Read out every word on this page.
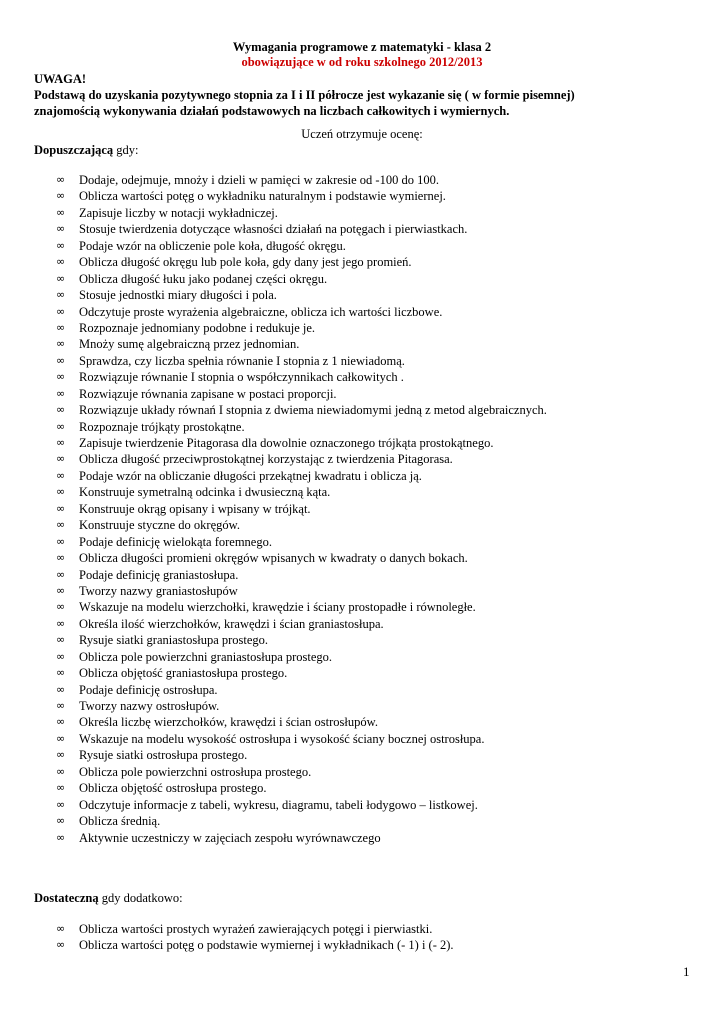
Wymagania programowe z matematyki - klasa 2
obowiązujące w od roku szkolnego 2012/2013
UWAGA!
Podstawą do uzyskania pozytywnego stopnia za I i II półrocze jest wykazanie się ( w formie pisemnej)
znajomością wykonywania działań podstawowych na liczbach całkowitych i wymiernych.
Uczeń otrzymuje ocenę:
Dopuszczającą gdy:
∞ Dodaje, odejmuje, mnoży i dzieli w pamięci w zakresie od -100 do 100.
∞ Oblicza wartości potęg o wykładniku naturalnym i podstawie wymiernej.
∞ Zapisuje liczby w notacji wykładniczej.
∞ Stosuje twierdzenia dotyczące własności działań na potęgach i pierwiastkach.
∞ Podaje wzór na obliczenie pole koła, długość okręgu.
∞ Oblicza długość okręgu lub pole koła, gdy dany jest jego promień.
∞ Oblicza długość łuku jako podanej części okręgu.
∞ Stosuje jednostki miary długości i pola.
∞ Odczytuje proste wyrażenia algebraiczne, oblicza ich wartości liczbowe.
∞ Rozpoznaje jednomiany podobne i redukuje je.
∞ Mnoży sumę algebraiczną przez jednomian.
∞ Sprawdza, czy liczba spełnia równanie I stopnia z 1 niewiadomą.
∞ Rozwiązuje równanie I stopnia o współczynnikach całkowitych .
∞ Rozwiązuje równania zapisane w postaci proporcji.
∞ Rozwiązuje układy równań I stopnia z dwiema niewiadomymi jedną z metod algebraicznych.
∞ Rozpoznaje trójkąty prostokątne.
∞ Zapisuje twierdzenie Pitagorasa dla dowolnie oznaczonego trójkąta prostokątnego.
∞ Oblicza długość przeciwprostokątnej korzystając z twierdzenia Pitagorasa.
∞ Podaje wzór na obliczanie długości przekątnej kwadratu i oblicza ją.
∞ Konstruuje symetralną odcinka i dwusieczną kąta.
∞ Konstruuje okrąg opisany i wpisany w trójkąt.
∞ Konstruuje styczne do okręgów.
∞ Podaje definicję wielokąta foremnego.
∞ Oblicza długości promieni okręgów wpisanych w kwadraty o danych bokach.
∞ Podaje definicję graniastosłupa.
∞ Tworzy nazwy graniastosłupów
∞ Wskazuje na modelu wierzchołki, krawędzie i ściany prostopadłe i równoległe.
∞ Określa ilość wierzchołków, krawędzi i ścian graniastosłupa.
∞ Rysuje siatki graniastosłupa prostego.
∞ Oblicza pole powierzchni graniastosłupa prostego.
∞ Oblicza objętość graniastosłupa prostego.
∞ Podaje definicję ostrosłupa.
∞ Tworzy nazwy ostrosłupów.
∞ Określa liczbę wierzchołków, krawędzi i ścian ostrosłupów.
∞ Wskazuje na modelu wysokość ostrosłupa i wysokość ściany bocznej ostrosłupa.
∞ Rysuje siatki ostrosłupa prostego.
∞ Oblicza pole powierzchni ostrosłupa prostego.
∞ Oblicza objętość ostrosłupa prostego.
∞ Odczytuje informacje z tabeli, wykresu, diagramu, tabeli łodygowo – listkowej.
∞ Oblicza średnią.
∞ Aktywnie uczestniczy w zajęciach zespołu wyrównawczego
Dostateczną gdy dodatkowo:
∞ Oblicza wartości prostych wyrażeń zawierających potęgi i pierwiastki.
∞ Oblicza wartości potęg o podstawie wymiernej i wykładnikach (- 1) i (- 2).
1
